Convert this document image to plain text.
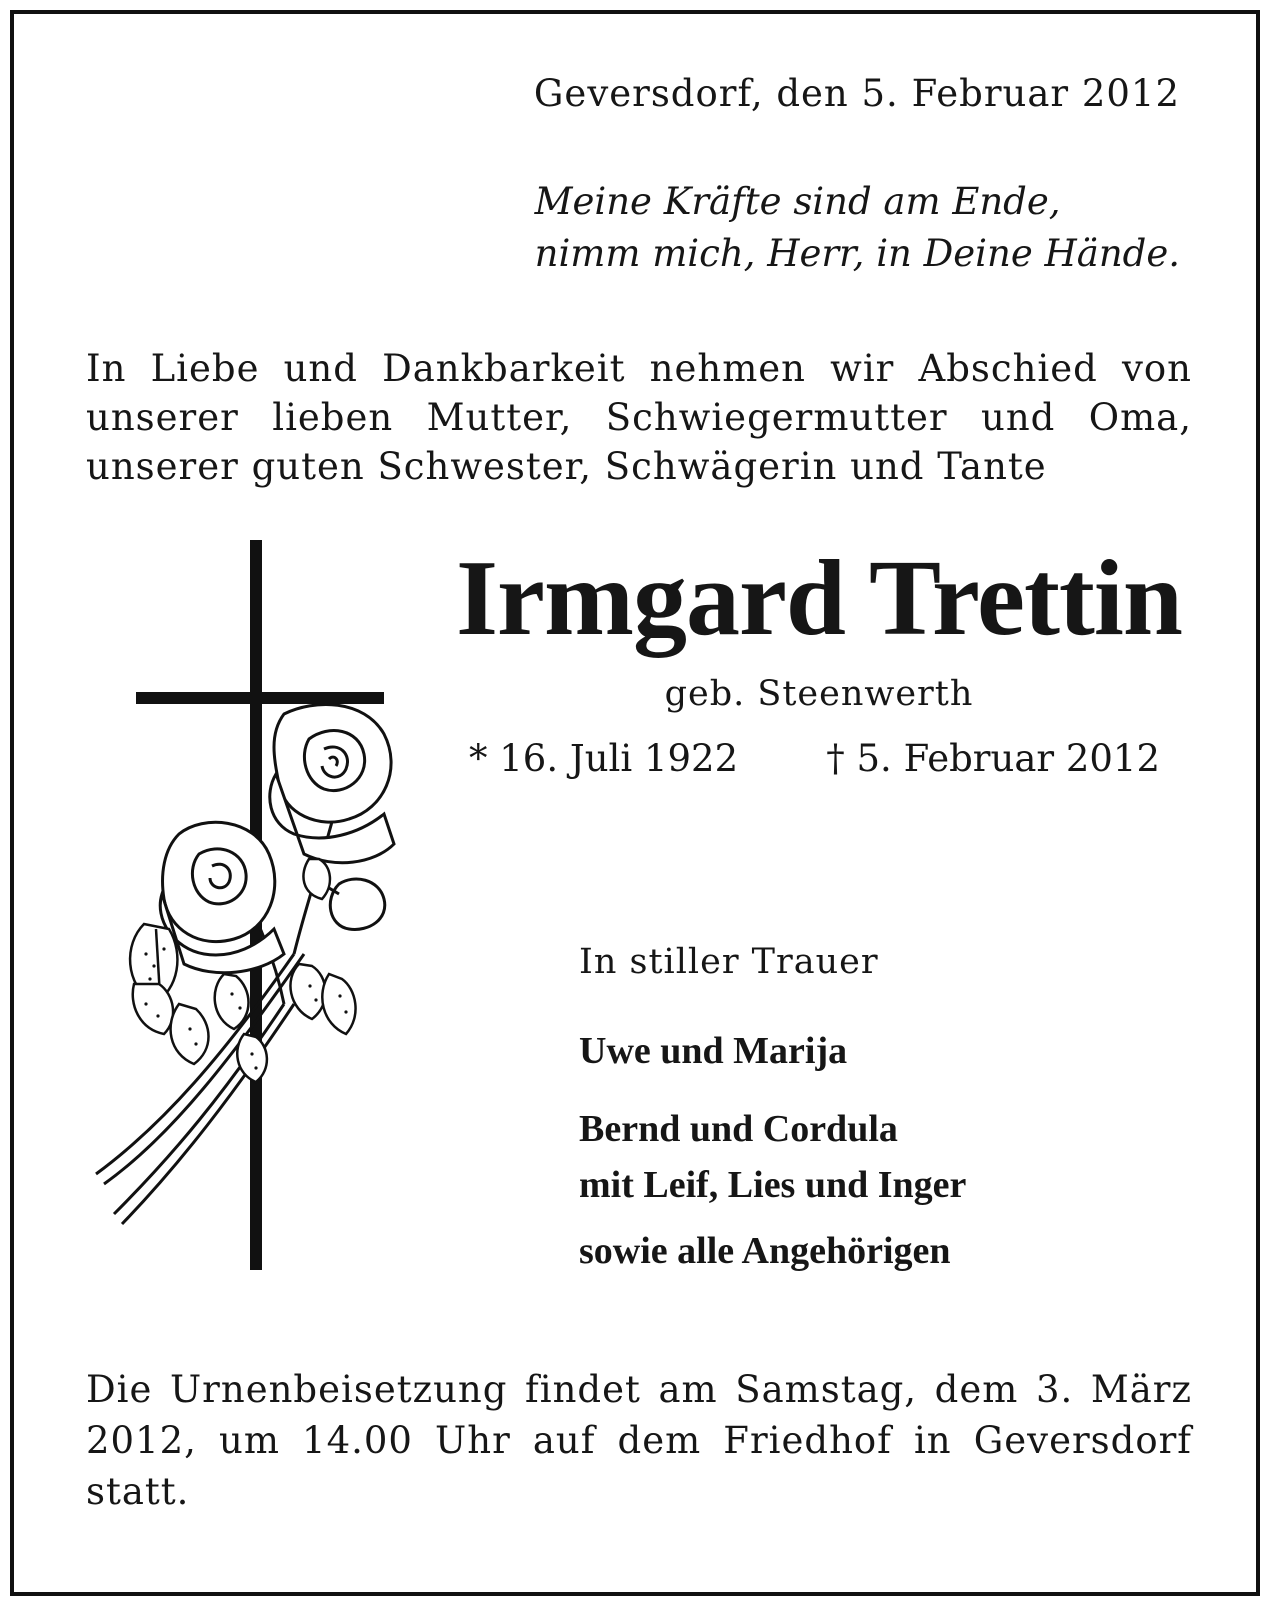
Geversdorf, den 5. Februar 2012
Meine Kräfte sind am Ende,
nimm mich, Herr, in Deine Hände.
In Liebe und Dankbarkeit nehmen wir Abschied von unserer lieben Mutter, Schwiegermutter und Oma, unserer guten Schwester, Schwägerin und Tante
Irmgard Trettin
geb. Steenwerth
* 16. Juli 1922 † 5. Februar 2012
In stiller Trauer
Uwe und Marija
Bernd und Cordula
mit Leif, Lies und Inger
sowie alle Angehörigen
Die Urnenbeisetzung findet am Samstag, dem 3. März 2012, um 14.00 Uhr auf dem Friedhof in Geversdorf statt.
